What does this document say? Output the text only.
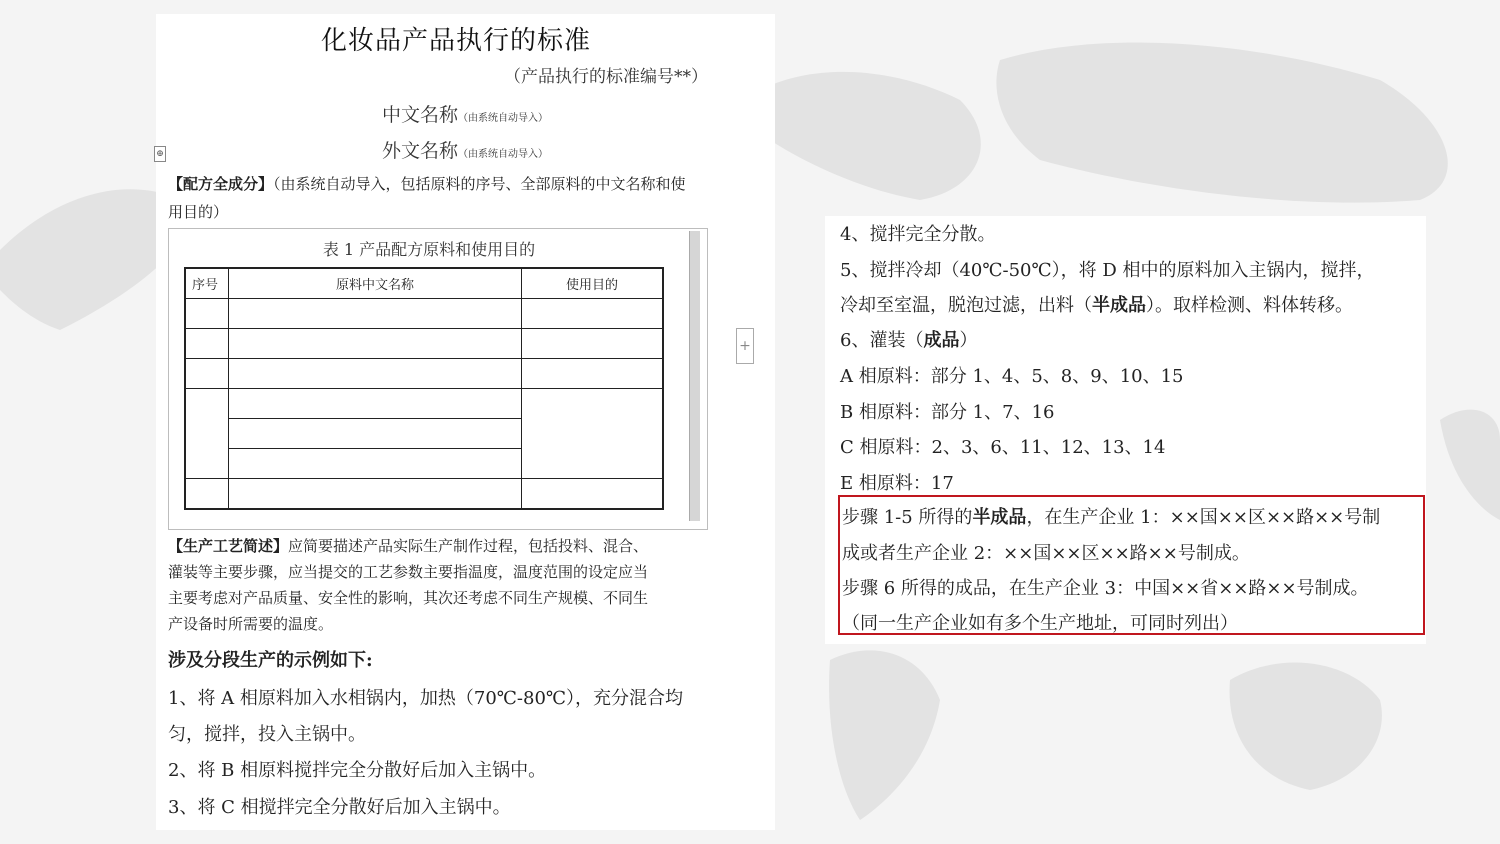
化妆品产品执行的标准
（产品执行的标准编号**）
中文名称（由系统自动导入）
外文名称（由系统自动导入）
⊕
【配方全成分】（由系统自动导入，包括原料的序号、全部原料的中文名称和使
用目的）
表 1 产品配方原料和使用目的
序号	原料中文名称	使用目的

+
【生产工艺简述】应简要描述产品实际生产制作过程，包括投料、混合、
灌装等主要步骤，应当提交的工艺参数主要指温度，温度范围的设定应当
主要考虑对产品质量、安全性的影响，其次还考虑不同生产规模、不同生
产设备时所需要的温度。
涉及分段生产的示例如下:
1、将 A 相原料加入水相锅内，加热（70℃-80℃），充分混合均
匀，搅拌，投入主锅中。
2、将 B 相原料搅拌完全分散好后加入主锅中。
3、将 C 相搅拌完全分散好后加入主锅中。
4、搅拌完全分散。
5、搅拌冷却（40℃-50℃），将 D 相中的原料加入主锅内，搅拌，
冷却至室温，脱泡过滤，出料（半成品）。取样检测、料体转移。
6、灌装（成品）
A 相原料：部分 1、4、5、8、9、10、15
B 相原料：部分 1、7、16
C 相原料：2、3、6、11、12、13、14
E 相原料：17
步骤 1-5 所得的半成品，在生产企业 1：××国××区××路××号制
成或者生产企业 2：××国××区××路××号制成。
步骤 6 所得的成品，在生产企业 3：中国××省××路××号制成。
（同一生产企业如有多个生产地址，可同时列出）
